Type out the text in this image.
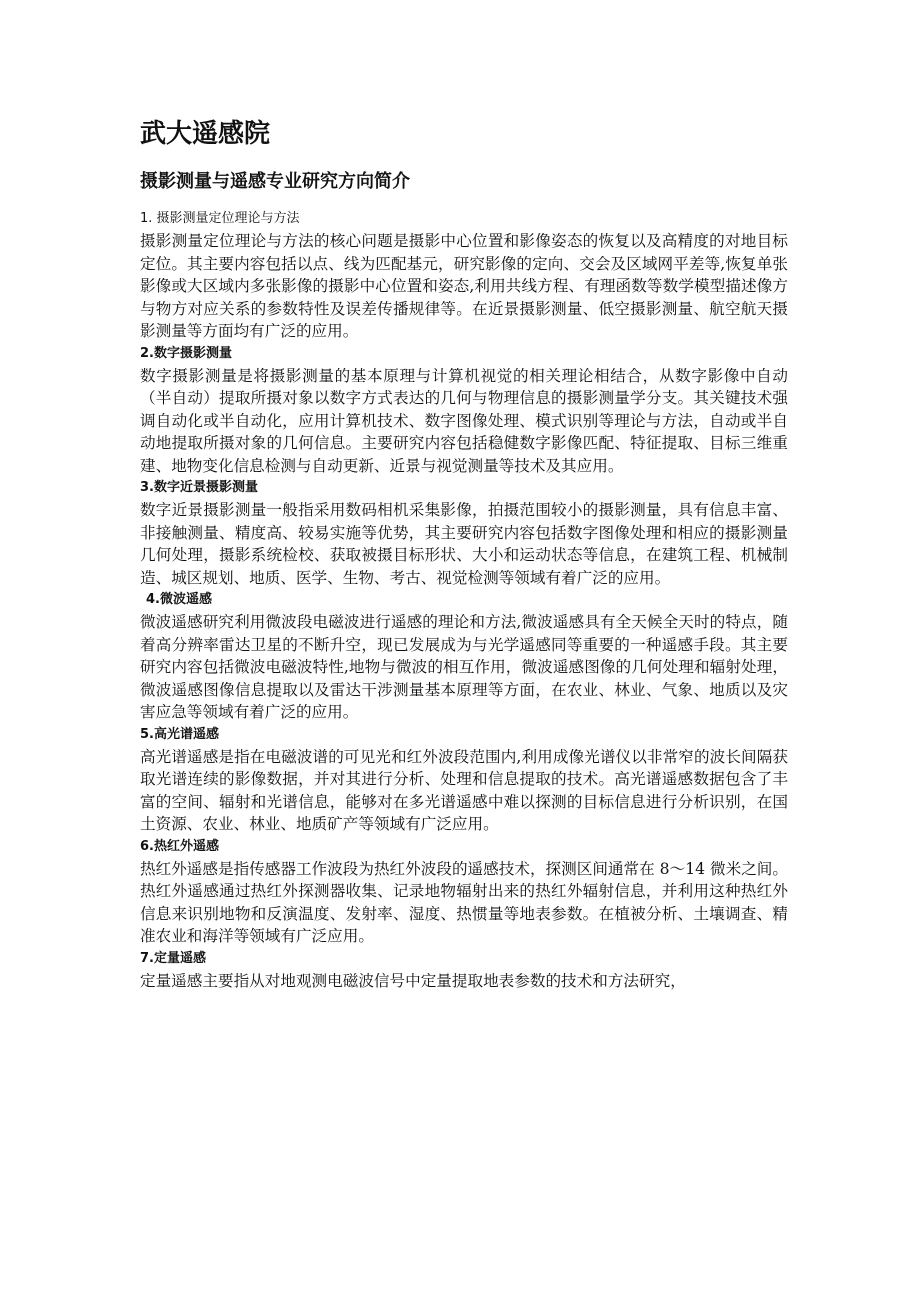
武大遥感院
摄影测量与遥感专业研究方向简介

1. 摄影测量定位理论与方法

摄影测量定位理论与方法的核心问题是摄影中心位置和影像姿态的恢复以及高精度的对地目标定位。其主要内容包括以点、线为匹配基元，研究影像的定向、交会及区域网平差等,恢复单张影像或大区域内多张影像的摄影中心位置和姿态,利用共线方程、有理函数等数学模型描述像方与物方对应关系的参数特性及误差传播规律等。在近景摄影测量、低空摄影测量、航空航天摄影测量等方面均有广泛的应用。

2.数字摄影测量

数字摄影测量是将摄影测量的基本原理与计算机视觉的相关理论相结合，从数字影像中自动（半自动）提取所摄对象以数字方式表达的几何与物理信息的摄影测量学分支。其关键技术强调自动化或半自动化，应用计算机技术、数字图像处理、模式识别等理论与方法，自动或半自动地提取所摄对象的几何信息。主要研究内容包括稳健数字影像匹配、特征提取、目标三维重建、地物变化信息检测与自动更新、近景与视觉测量等技术及其应用。

3.数字近景摄影测量

数字近景摄影测量一般指采用数码相机采集影像，拍摄范围较小的摄影测量，具有信息丰富、非接触测量、精度高、较易实施等优势，其主要研究内容包括数字图像处理和相应的摄影测量几何处理，摄影系统检校、获取被摄目标形状、大小和运动状态等信息，在建筑工程、机械制造、城区规划、地质、医学、生物、考古、视觉检测等领域有着广泛的应用。

4.微波遥感

微波遥感研究利用微波段电磁波进行遥感的理论和方法,微波遥感具有全天候全天时的特点，随着高分辨率雷达卫星的不断升空，现已发展成为与光学遥感同等重要的一种遥感手段。其主要研究内容包括微波电磁波特性,地物与微波的相互作用，微波遥感图像的几何处理和辐射处理，微波遥感图像信息提取以及雷达干涉测量基本原理等方面，在农业、林业、气象、地质以及灾害应急等领域有着广泛的应用。

5.高光谱遥感

高光谱遥感是指在电磁波谱的可见光和红外波段范围内,利用成像光谱仪以非常窄的波长间隔获取光谱连续的影像数据，并对其进行分析、处理和信息提取的技术。高光谱遥感数据包含了丰富的空间、辐射和光谱信息，能够对在多光谱遥感中难以探测的目标信息进行分析识别，在国土资源、农业、林业、地质矿产等领域有广泛应用。

6.热红外遥感

热红外遥感是指传感器工作波段为热红外波段的遥感技术，探测区间通常在 8～14 微米之间。热红外遥感通过热红外探测器收集、记录地物辐射出来的热红外辐射信息，并利用这种热红外信息来识别地物和反演温度、发射率、湿度、热惯量等地表参数。在植被分析、土壤调查、精准农业和海洋等领域有广泛应用。

7.定量遥感

定量遥感主要指从对地观测电磁波信号中定量提取地表参数的技术和方法研究，
